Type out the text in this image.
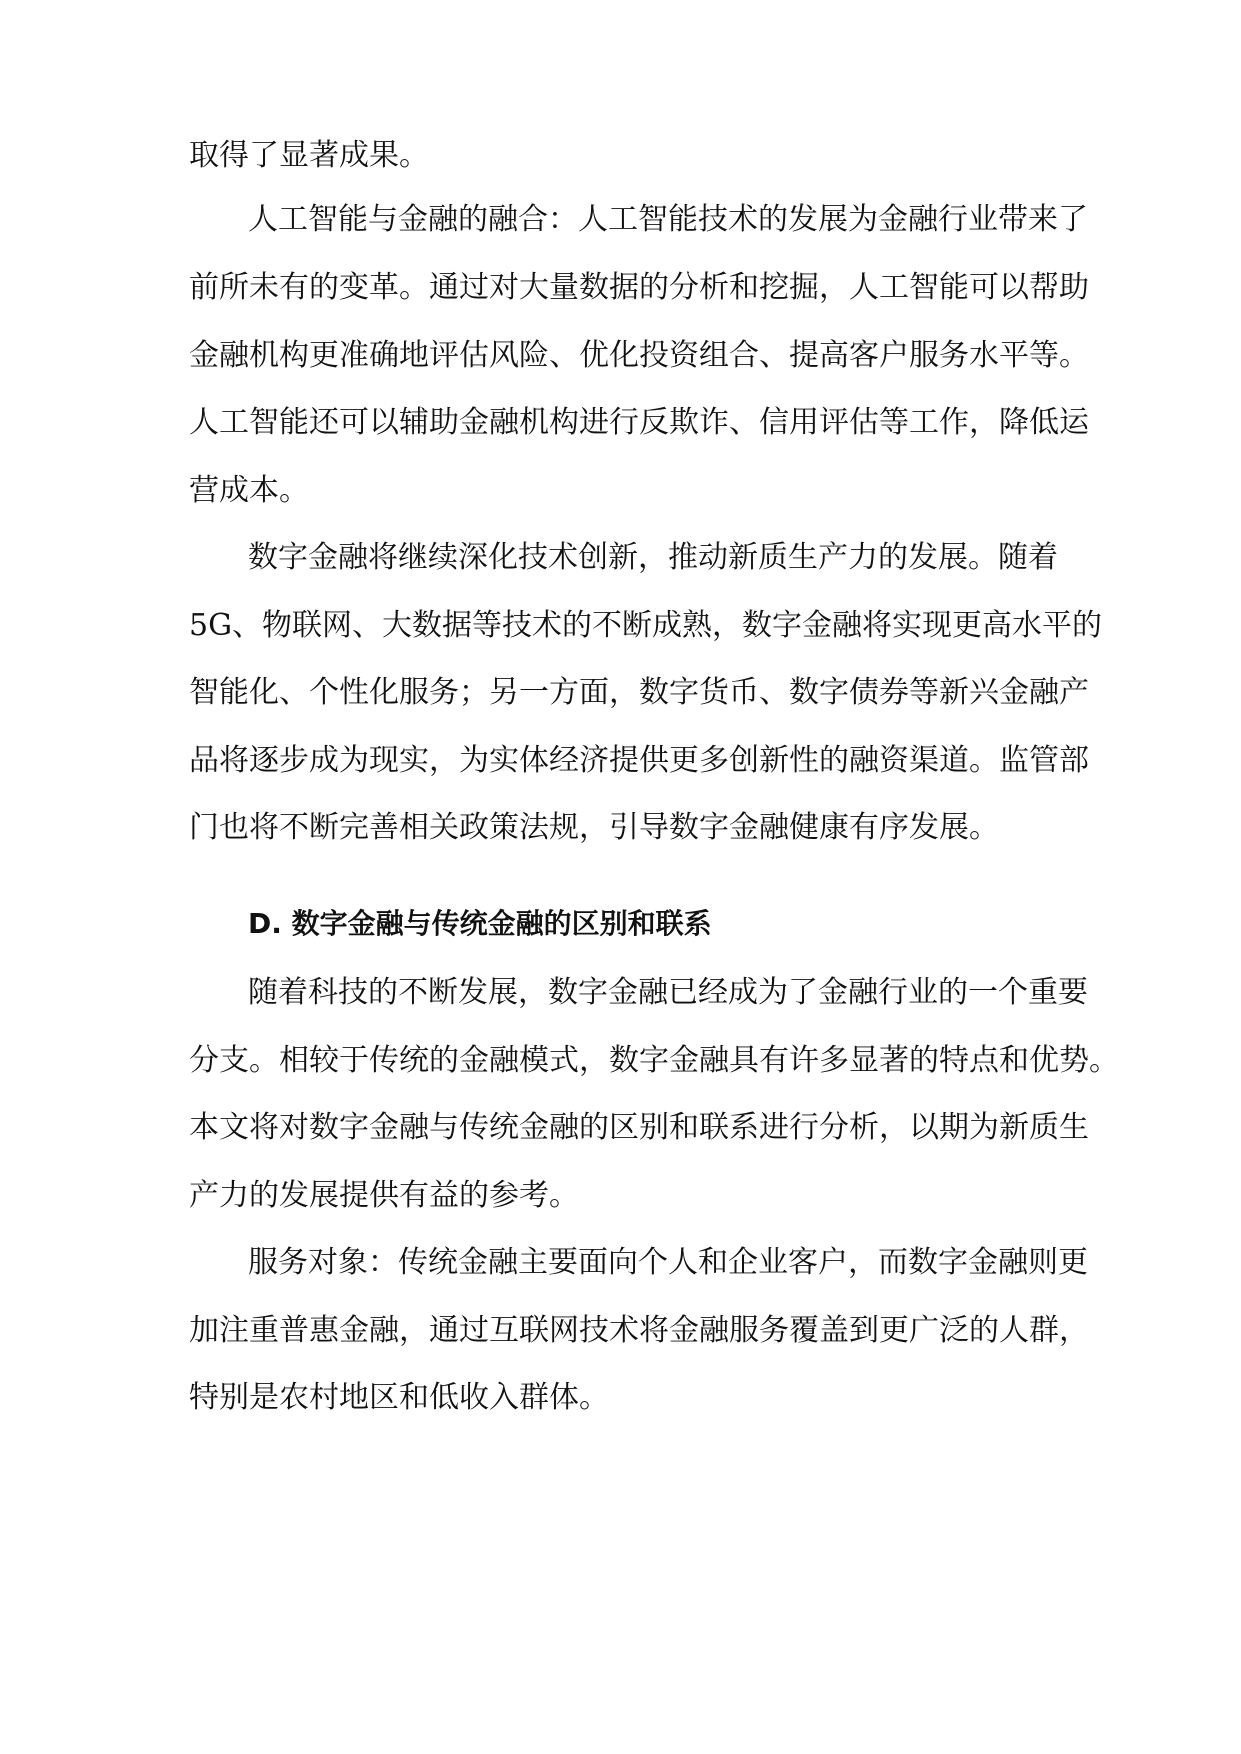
取得了显著成果。

人工智能与金融的融合：人工智能技术的发展为金融行业带来了

前所未有的变革。通过对大量数据的分析和挖掘，人工智能可以帮助

金融机构更准确地评估风险、优化投资组合、提高客户服务水平等。

人工智能还可以辅助金融机构进行反欺诈、信用评估等工作，降低运

营成本。

数字金融将继续深化技术创新，推动新质生产力的发展。随着

5G、物联网、大数据等技术的不断成熟，数字金融将实现更高水平的

智能化、个性化服务；另一方面，数字货币、数字债券等新兴金融产

品将逐步成为现实，为实体经济提供更多创新性的融资渠道。监管部

门也将不断完善相关政策法规，引导数字金融健康有序发展。

D. 数字金融与传统金融的区别和联系

随着科技的不断发展，数字金融已经成为了金融行业的一个重要

分支。相较于传统的金融模式，数字金融具有许多显著的特点和优势。

本文将对数字金融与传统金融的区别和联系进行分析，以期为新质生

产力的发展提供有益的参考。

服务对象：传统金融主要面向个人和企业客户，而数字金融则更

加注重普惠金融，通过互联网技术将金融服务覆盖到更广泛的人群，

特别是农村地区和低收入群体。
